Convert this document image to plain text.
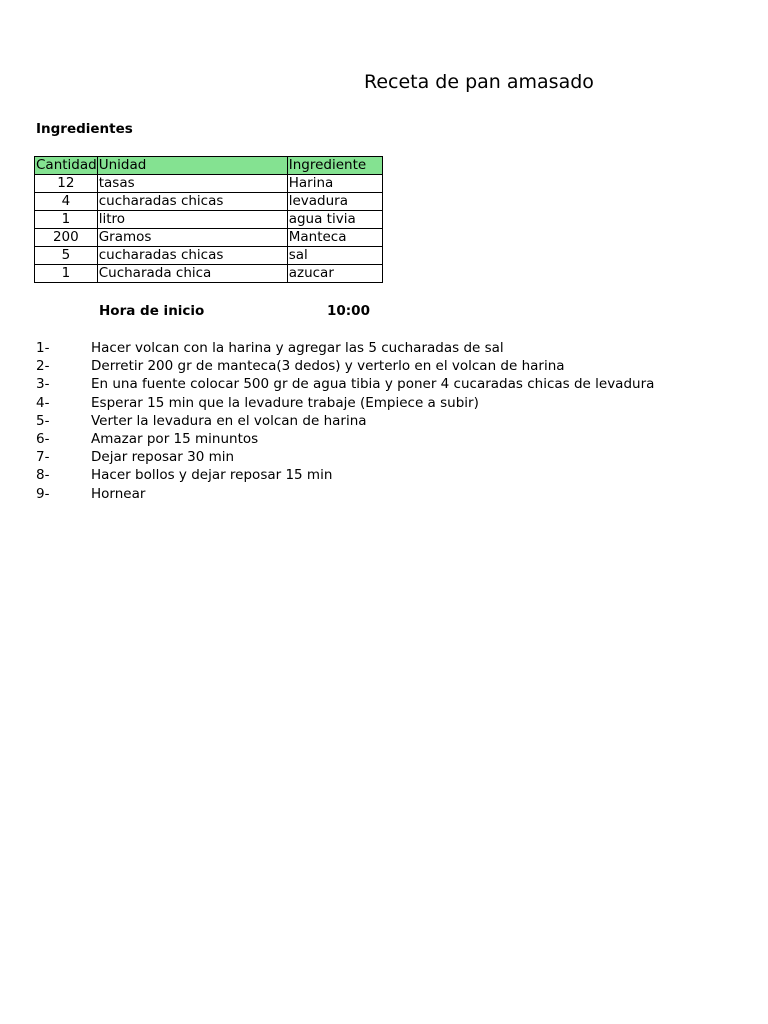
Receta de pan amasado
Ingredientes
Cantidad	Unidad	Ingrediente
12	tasas	Harina
4	cucharadas chicas	levadura
1	litro	agua tivia
200	Gramos	Manteca
5	cucharadas chicas	sal
1	Cucharada chica	azucar
Hora de inicio	10:00
1-	Hacer volcan con la harina y agregar las 5 cucharadas de sal
2-	Derretir 200 gr de manteca(3 dedos) y verterlo en el volcan de harina
3-	En una fuente colocar 500 gr de agua tibia y poner 4 cucaradas chicas de levadura
4-	Esperar 15 min que la levadure trabaje (Empiece a subir)
5-	Verter la levadura en el volcan de harina
6-	Amazar por 15 minuntos
7-	Dejar reposar 30 min
8-	Hacer bollos y dejar reposar 15 min
9-	Hornear
